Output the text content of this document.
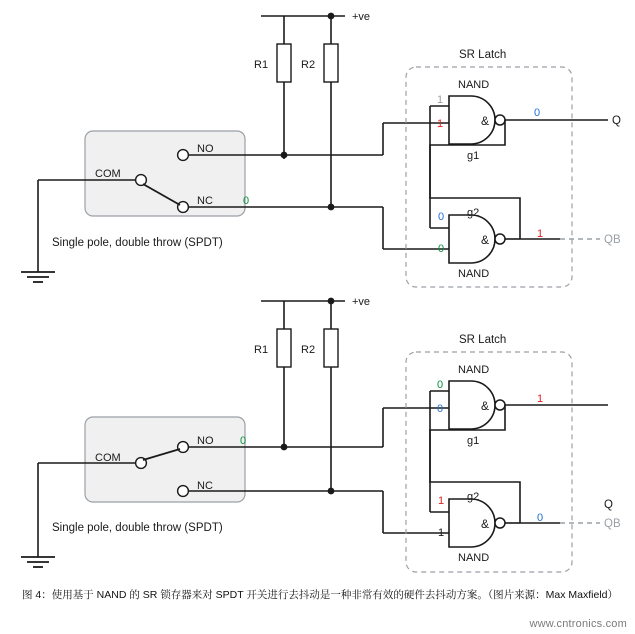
+ve
R1	R2
Single pole, double throw (SPDT)
COM
NO
NC
SR Latch
NAND
&
g1
Q
&
g2
NAND
QB
1
1
0
0
0
1
0
+ve
R1	R2
Single pole, double throw (SPDT)
COM
NO
NC
SR Latch
NAND
&
g1
&
g2
NAND
QB
Q
0
0
1
1
1
0
0
图 4：使用基于 NAND 的 SR 锁存器来对 SPDT 开关进行去抖动是一种非常有效的硬件去抖动方案。（图片来源：Max Maxfield）
www.cntronics.com
